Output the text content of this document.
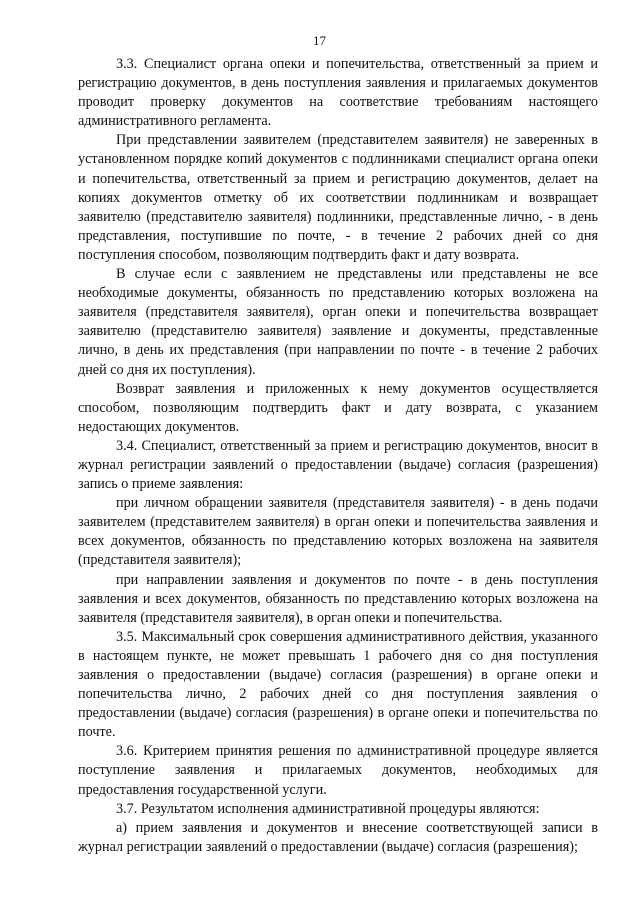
17

3.3. Специалист органа опеки и попечительства, ответственный за прием и регистрацию документов, в день поступления заявления и прилагаемых документов проводит проверку документов на соответствие требованиям настоящего административного регламента.

При представлении заявителем (представителем заявителя) не заверенных в установленном порядке копий документов с подлинниками специалист органа опеки и попечительства, ответственный за прием и регистрацию документов, делает на копиях документов отметку об их соответствии подлинникам и возвращает заявителю (представителю заявителя) подлинники, представленные лично, - в день представления, поступившие по почте, - в течение 2 рабочих дней со дня поступления способом, позволяющим подтвердить факт и дату возврата.

В случае если с заявлением не представлены или представлены не все необходимые документы, обязанность по представлению которых возложена на заявителя (представителя заявителя), орган опеки и попечительства возвращает заявителю (представителю заявителя) заявление и документы, представленные лично, в день их представления (при направлении по почте - в течение 2 рабочих дней со дня их поступления).

Возврат заявления и приложенных к нему документов осуществляется способом, позволяющим подтвердить факт и дату возврата, с указанием недостающих документов.

3.4. Специалист, ответственный за прием и регистрацию документов, вносит в журнал регистрации заявлений о предоставлении (выдаче) согласия (разрешения) запись о приеме заявления:

при личном обращении заявителя (представителя заявителя) - в день подачи заявителем (представителем заявителя) в орган опеки и попечительства заявления и всех документов, обязанность по представлению которых возложена на заявителя (представителя заявителя);

при направлении заявления и документов по почте - в день поступления заявления и всех документов, обязанность по представлению которых возложена на заявителя (представителя заявителя), в орган опеки и попечительства.

3.5. Максимальный срок совершения административного действия, указанного в настоящем пункте, не может превышать 1 рабочего дня со дня поступления заявления о предоставлении (выдаче) согласия (разрешения) в органе опеки и попечительства лично, 2 рабочих дней со дня поступления заявления о предоставлении (выдаче) согласия (разрешения) в органе опеки и попечительства по почте.

3.6. Критерием принятия решения по административной процедуре является поступление заявления и прилагаемых документов, необходимых для предоставления государственной услуги.

3.7. Результатом исполнения административной процедуры являются:

а) прием заявления и документов и внесение соответствующей записи в журнал регистрации заявлений о предоставлении (выдаче) согласия (разрешения);
